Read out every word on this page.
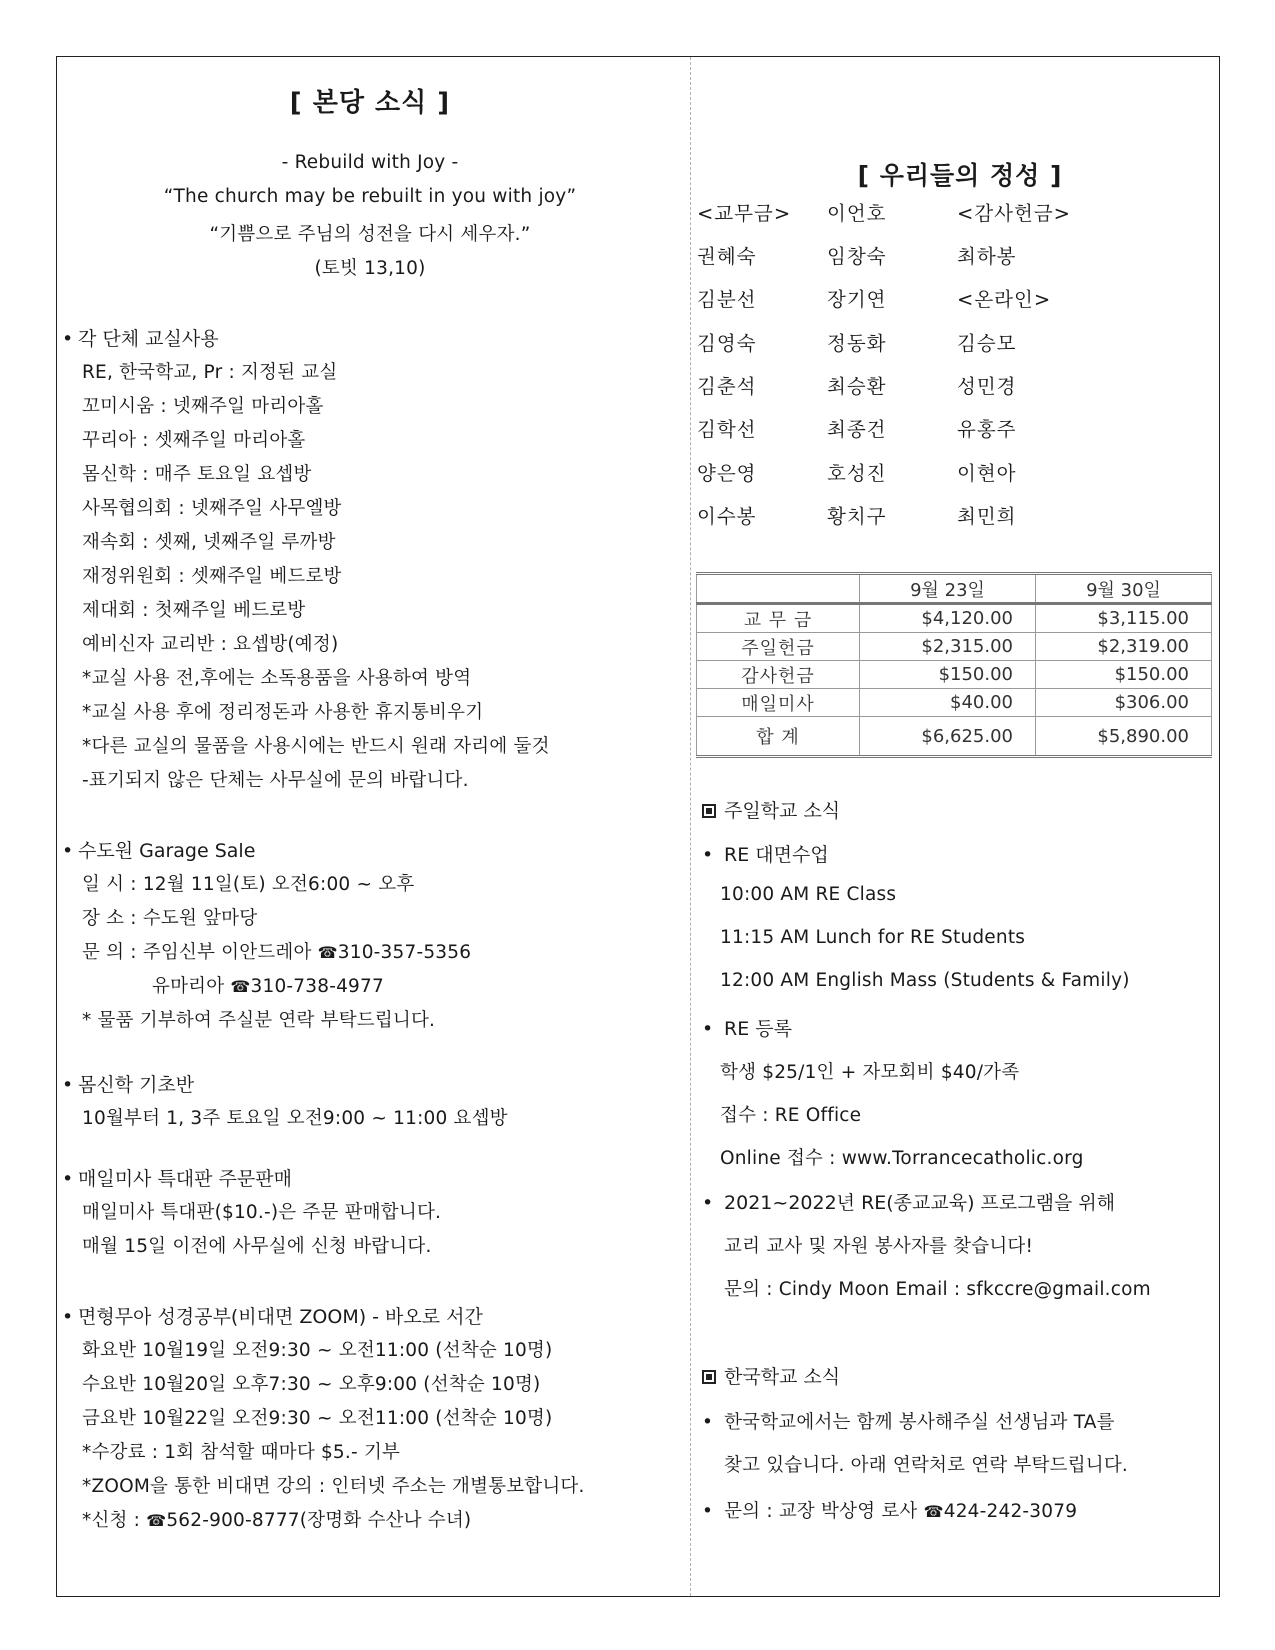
[ 본당 소식 ]
- Rebuild with Joy -
“The church may be rebuilt in you with joy”
“기쁨으로 주님의 성전을 다시 세우자.”
(토빗 13,10)
• 각 단체 교실사용
RE, 한국학교, Pr : 지정된 교실
꼬미시움 : 넷째주일 마리아홀
꾸리아 : 셋째주일 마리아홀
몸신학 : 매주 토요일 요셉방
사목협의회 : 넷째주일 사무엘방
재속회 : 셋째, 넷째주일 루까방
재정위원회 : 셋째주일 베드로방
제대회 : 첫째주일 베드로방
예비신자 교리반 : 요셉방(예정)
*교실 사용 전,후에는 소독용품을 사용하여 방역
*교실 사용 후에 정리정돈과 사용한 휴지통비우기
*다른 교실의 물품을 사용시에는 반드시 원래 자리에 둘것
-표기되지 않은 단체는 사무실에 문의 바랍니다.
• 수도원 Garage Sale
일 시 : 12월 11일(토) 오전6:00 ~ 오후
장 소 : 수도원 앞마당
문 의 : 주임신부 이안드레아 ☎310-357-5356
유마리아 ☎310-738-4977
* 물품 기부하여 주실분 연락 부탁드립니다.
• 몸신학 기초반
10월부터 1, 3주 토요일 오전9:00 ~ 11:00 요셉방
• 매일미사 특대판 주문판매
매일미사 특대판($10.-)은 주문 판매합니다.
매월 15일 이전에 사무실에 신청 바랍니다.
• 면형무아 성경공부(비대면 ZOOM) - 바오로 서간
화요반 10월19일 오전9:30 ~ 오전11:00 (선착순 10명)
수요반 10월20일 오후7:30 ~ 오후9:00 (선착순 10명)
금요반 10월22일 오전9:30 ~ 오전11:00 (선착순 10명)
*수강료 : 1회 참석할 때마다 $5.- 기부
*ZOOM을 통한 비대면 강의 : 인터넷 주소는 개별통보합니다.
*신청 : ☎562-900-8777(장명화 수산나 수녀)
[ 우리들의 정성 ]
<교무금> 이언호	<감사헌금>
권혜숙	임창숙	최하봉
김분선	장기연	<온라인>
김영숙	정동화	김승모
김춘석	최승환	성민경
김학선	최종건	유홍주
양은영	호성진	이현아
이수봉	황치구	최민희
	9월 23일	9월 30일
교 무 금	$4,120.00	$3,115.00
주일헌금	$2,315.00	$2,319.00
감사헌금	$150.00	$150.00
매일미사	$40.00	$306.00
합 계	$6,625.00	$5,890.00
주일학교 소식
• RE 대면수업
10:00 AM RE Class
11:15 AM Lunch for RE Students
12:00 AM English Mass (Students & Family)
• RE 등록
학생 $25/1인 + 자모회비 $40/가족
접수 : RE Office
Online 접수 : www.Torrancecatholic.org
• 2021~2022년 RE(종교교육) 프로그램을 위해
교리 교사 및 자원 봉사자를 찾습니다!
문의 : Cindy Moon Email : sfkccre@gmail.com
한국학교 소식
• 한국학교에서는 함께 봉사해주실 선생님과 TA를
찾고 있습니다. 아래 연락처로 연락 부탁드립니다.
• 문의 : 교장 박상영 로사 ☎424-242-3079
